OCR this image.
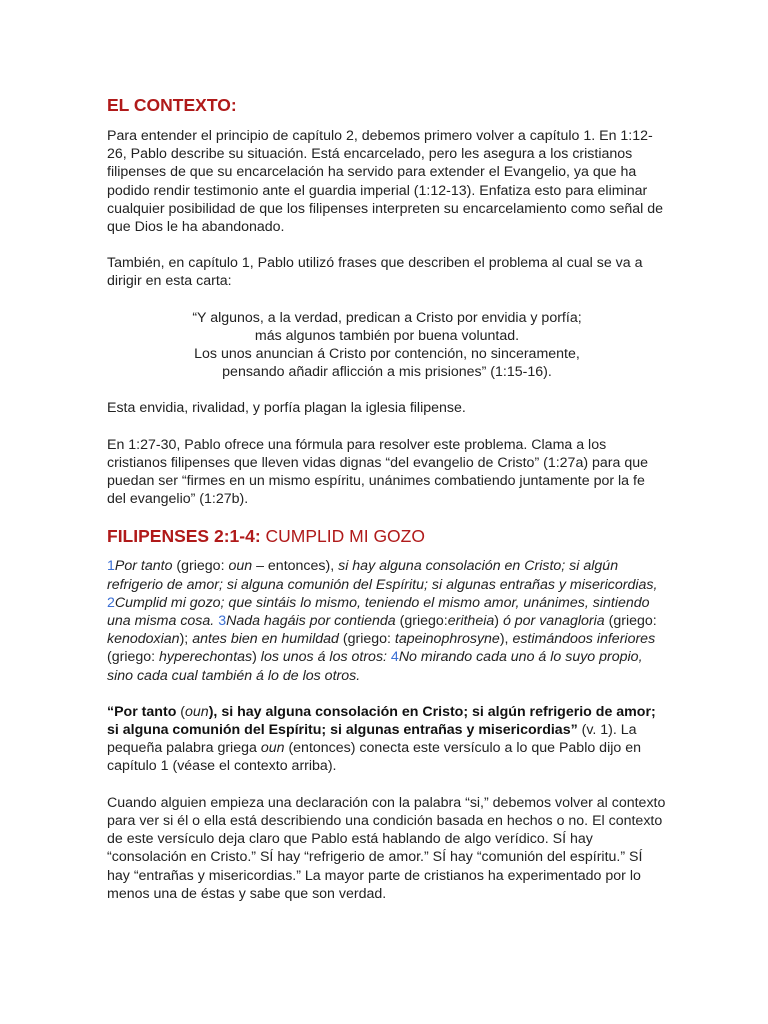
EL CONTEXTO:

Para entender el principio de capítulo 2, debemos primero volver a capítulo 1. En 1:12-26, Pablo describe su situación. Está encarcelado, pero les asegura a los cristianos filipenses de que su encarcelación ha servido para extender el Evangelio, ya que ha podido rendir testimonio ante el guardia imperial (1:12-13). Enfatiza esto para eliminar cualquier posibilidad de que los filipenses interpreten su encarcelamiento como señal de que Dios le ha abandonado.

También, en capítulo 1, Pablo utilizó frases que describen el problema al cual se va a dirigir en esta carta:

“Y algunos, a la verdad, predican a Cristo por envidia y porfía;

más algunos también por buena voluntad.

Los unos anuncian á Cristo por contención, no sinceramente,

pensando añadir aflicción a mis prisiones” (1:15-16).

Esta envidia, rivalidad, y porfía plagan la iglesia filipense.

En 1:27-30, Pablo ofrece una fórmula para resolver este problema. Clama a los cristianos filipenses que lleven vidas dignas “del evangelio de Cristo” (1:27a) para que puedan ser “firmes en un mismo espíritu, unánimes combatiendo juntamente por la fe del evangelio” (1:27b).

FILIPENSES 2:1-4: CUMPLID MI GOZO

1Por tanto (griego: oun – entonces), si hay alguna consolación en Cristo; si algún refrigerio de amor; si alguna comunión del Espíritu; si algunas entrañas y misericordias, 2Cumplid mi gozo; que sintáis lo mismo, teniendo el mismo amor, unánimes, sintiendo una misma cosa. 3Nada hagáis por contienda (griego:eritheia) ó por vanagloria (griego: kenodoxian); antes bien en humildad (griego: tapeinophrosyne), estimándoos inferiores (griego: hyperechontas) los unos á los otros: 4No mirando cada uno á lo suyo propio, sino cada cual también á lo de los otros.

“Por tanto (oun), si hay alguna consolación en Cristo; si algún refrigerio de amor; si alguna comunión del Espíritu; si algunas entrañas y misericordias” (v. 1). La pequeña palabra griega oun (entonces) conecta este versículo a lo que Pablo dijo en capítulo 1 (véase el contexto arriba).

Cuando alguien empieza una declaración con la palabra “si,” debemos volver al contexto para ver si él o ella está describiendo una condición basada en hechos o no. El contexto de este versículo deja claro que Pablo está hablando de algo verídico. SÍ hay “consolación en Cristo.” SÍ hay “refrigerio de amor.” SÍ hay “comunión del espíritu.” SÍ hay “entrañas y misericordias.” La mayor parte de cristianos ha experimentado por lo menos una de éstas y sabe que son verdad.
